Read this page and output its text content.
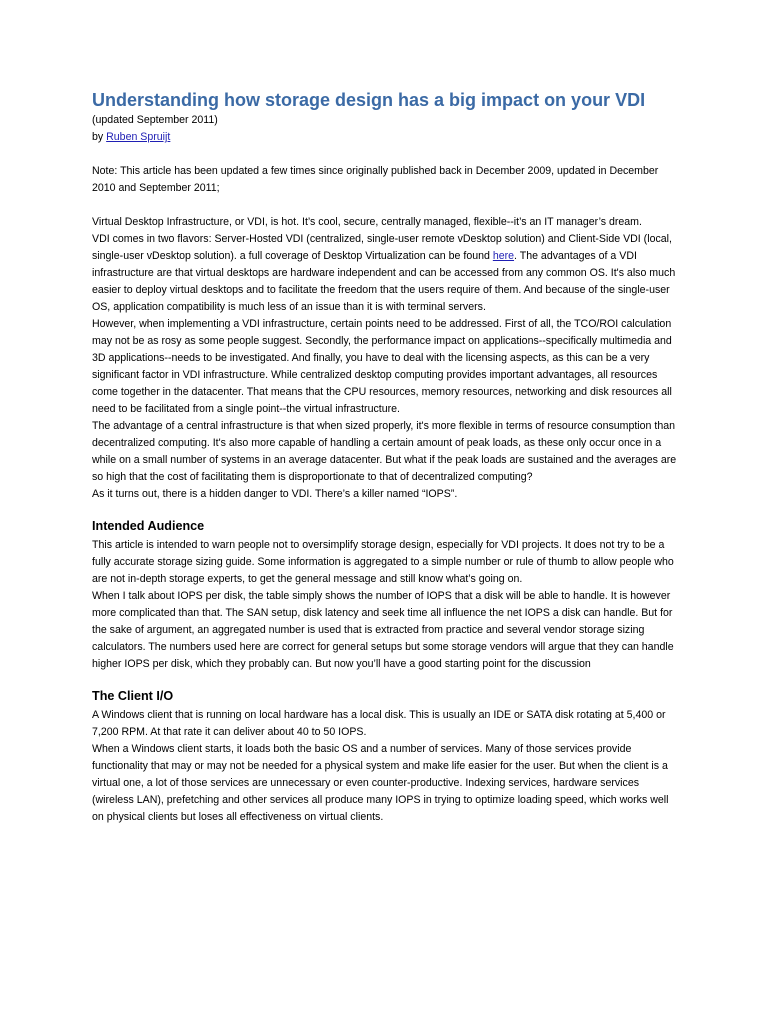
Understanding how storage design has a big impact on your VDI
(updated September 2011)
by Ruben Spruijt

Note: This article has been updated a few times since originally published back in December 2009, updated in December 2010 and September 2011;

Virtual Desktop Infrastructure, or VDI, is hot. It’s cool, secure, centrally managed, flexible--it’s an IT manager’s dream.

VDI comes in two flavors: Server-Hosted VDI (centralized, single-user remote vDesktop solution) and Client-Side VDI (local, single-user vDesktop solution). a full coverage of Desktop Virtualization can be found here. The advantages of a VDI infrastructure are that virtual desktops are hardware independent and can be accessed from any common OS. It's also much easier to deploy virtual desktops and to facilitate the freedom that the users require of them. And because of the single-user OS, application compatibility is much less of an issue than it is with terminal servers.

However, when implementing a VDI infrastructure, certain points need to be addressed. First of all, the TCO/ROI calculation may not be as rosy as some people suggest. Secondly, the performance impact on applications--specifically multimedia and 3D applications--needs to be investigated. And finally, you have to deal with the licensing aspects, as this can be a very significant factor in VDI infrastructure. While centralized desktop computing provides important advantages, all resources come together in the datacenter. That means that the CPU resources, memory resources, networking and disk resources all need to be facilitated from a single point--the virtual infrastructure.

The advantage of a central infrastructure is that when sized properly, it's more flexible in terms of resource consumption than decentralized computing. It's also more capable of handling a certain amount of peak loads, as these only occur once in a while on a small number of systems in an average datacenter. But what if the peak loads are sustained and the averages are so high that the cost of facilitating them is disproportionate to that of decentralized computing?

As it turns out, there is a hidden danger to VDI. There’s a killer named “IOPS”.

Intended Audience

This article is intended to warn people not to oversimplify storage design, especially for VDI projects. It does not try to be a fully accurate storage sizing guide. Some information is aggregated to a simple number or rule of thumb to allow people who are not in-depth storage experts, to get the general message and still know what’s going on.

When I talk about IOPS per disk, the table simply shows the number of IOPS that a disk will be able to handle. It is however more complicated than that. The SAN setup, disk latency and seek time all influence the net IOPS a disk can handle. But for the sake of argument, an aggregated number is used that is extracted from practice and several vendor storage sizing calculators. The numbers used here are correct for general setups but some storage vendors will argue that they can handle higher IOPS per disk, which they probably can. But now you’ll have a good starting point for the discussion

The Client I/O

A Windows client that is running on local hardware has a local disk. This is usually an IDE or SATA disk rotating at 5,400 or 7,200 RPM. At that rate it can deliver about 40 to 50 IOPS.

When a Windows client starts, it loads both the basic OS and a number of services. Many of those services provide functionality that may or may not be needed for a physical system and make life easier for the user. But when the client is a virtual one, a lot of those services are unnecessary or even counter-productive. Indexing services, hardware services (wireless LAN), prefetching and other services all produce many IOPS in trying to optimize loading speed, which works well on physical clients but loses all effectiveness on virtual clients.
